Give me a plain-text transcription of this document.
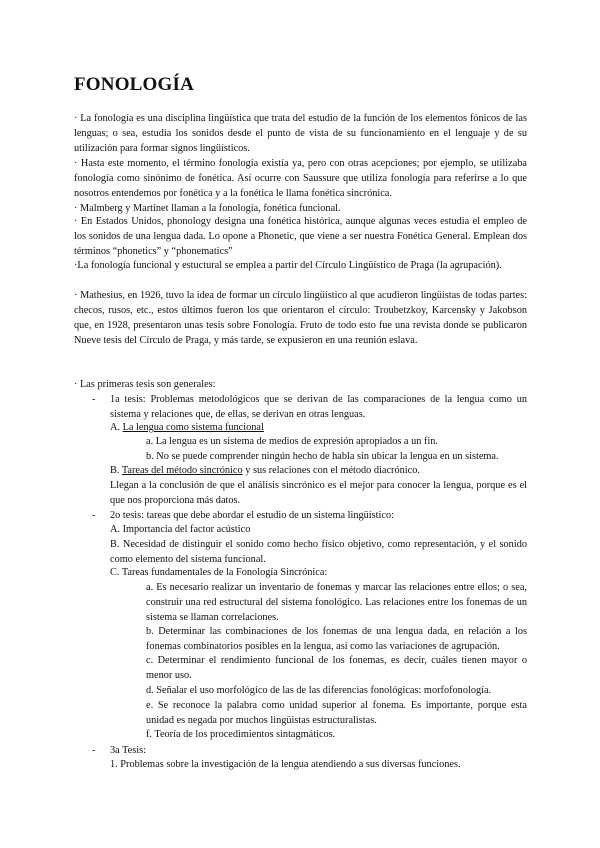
FONOLOGÍA

· La fonología es una disciplina lingüística que trata del estudio de la función de los elementos fónicos de las lenguas; o sea, estudia los sonidos desde el punto de vista de su funcionamiento en el lenguaje y de su utilización para formar signos lingüísticos.

· Hasta este momento, el término fonología existía ya, pero con otras acepciones; por ejemplo, se utilizaba fonología como sinónimo de fonética. Así ocurre con Saussure que utiliza fonología para referirse a lo que nosotros entendemos por fonética y a la fonética le llama fonética sincrónica.

· Malmberg y Martinet llaman a la fonología, fonética funcional.

· En Estados Unidos, phonology designa una fonética histórica, aunque algunas veces estudia el empleo de los sonidos de una lengua dada. Lo opone a Phonetic, que viene a ser nuestra Fonética General. Emplean dos términos “phonetics” y “phonematics”

·La fonología funcional y estuctural se emplea a partir del Círculo Lingüístico de Praga (la agrupación).

· Mathesius, en 1926, tuvo la idea de formar un círculo lingüístico al que acudieron lingüistas de todas partes: checos, rusos, etc., estos últimos fueron los que orientaron el círculo: Troubetzkoy, Karcensky y Jakobson que, en 1928, presentaron unas tesis sobre Fonología. Fruto de todo esto fue una revista donde se publicaron Nueve tesis del Círculo de Praga, y más tarde, se expusieron en una reunión eslava.

· Las primeras tesis son generales:

- 1a tesis: Problemas metodológicos que se derivan de las comparaciones de la lengua como un sistema y relaciones que, de ellas, se derivan en otras lenguas.

A. La lengua como sistema funcional

a. La lengua es un sistema de medios de expresión apropiados a un fin.

b. No se puede comprender ningún hecho de habla sin ubicar la lengua en un sistema.

B. Tareas del método sincrónico y sus relaciones con el método diacrónico.

Llegan a la conclusión de que el análisis sincrónico es el mejor para conocer la lengua, porque es el que nos proporciona más datos.

- 2o tesis: tareas que debe abordar el estudio de un sistema lingüístico:

A. Importancia del factor acústico

B. Necesidad de distinguir el sonido como hecho físico objetivo, como representación, y el sonido como elemento del sistema funcional.

C. Tareas fundamentales de la Fonología Sincrónica:

a. Es necesario realizar un inventario de fonemas y marcar las relaciones entre ellos; o sea, construir una red estructural del sistema fonológico. Las relaciones entre los fonemas de un sistema se llaman correlaciones.

b. Determinar las combinaciones de los fonemas de una lengua dada, en relación a los fonemas combinatorios posibles en la lengua, así como las variaciones de agrupación.

c. Determinar el rendimiento funcional de los fonemas, es decir, cuáles tienen mayor o menor uso.

d. Señalar el uso morfológico de las de las diferencias fonológicas: morfofonología.

e. Se reconoce la palabra como unidad superior al fonema. Es importante, porque esta unidad es negada por muchos lingüistas estructuralistas.

f. Teoría de los procedimientos sintagmáticos.

- 3a Tesis:

1. Problemas sobre la investigación de la lengua atendiendo a sus diversas funciones.
